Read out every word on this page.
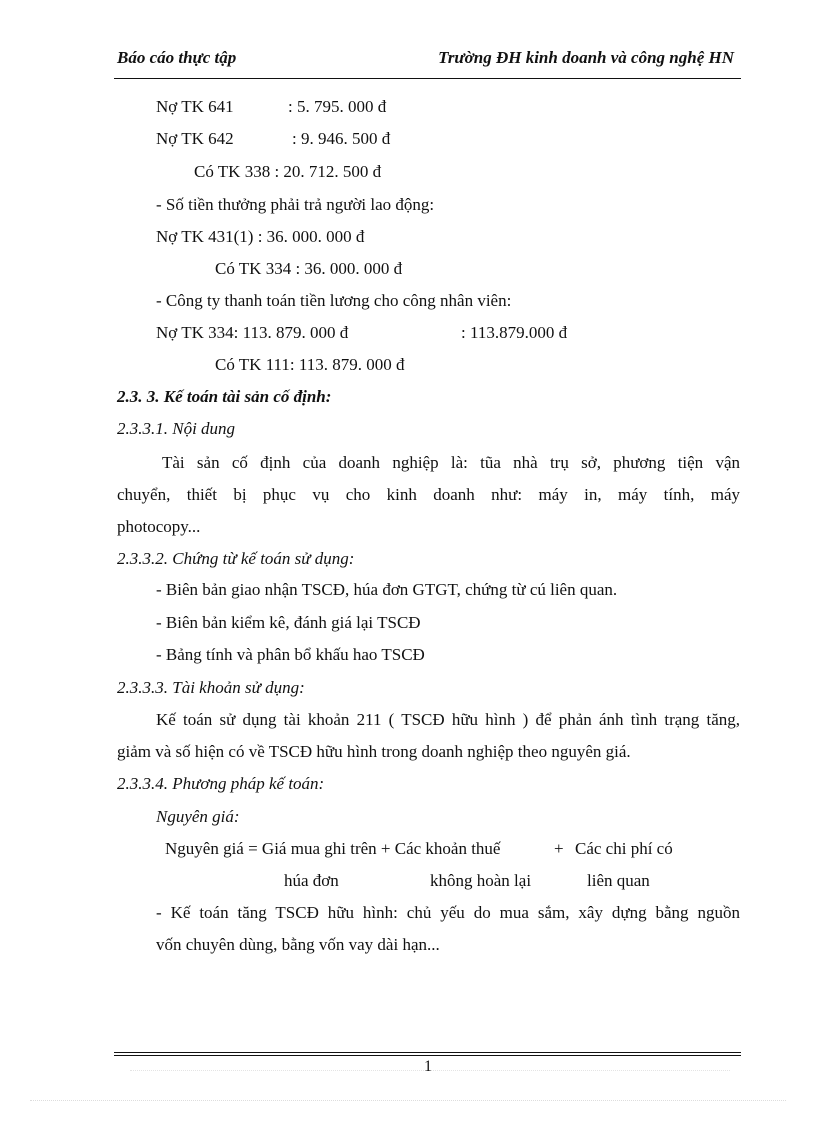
Báo cáo thực tập	Trường ĐH kinh doanh và công nghệ HN
Nợ TK 641	: 5. 795. 000 đ
Nợ TK 642	: 9. 946. 500 đ
Có TK 338 : 20. 712. 500 đ
- Số tiền thưởng phải trả người lao động:
Nợ TK 431(1) : 36. 000. 000 đ
Có TK 334 : 36. 000. 000 đ
- Công ty thanh toán tiền lương cho công nhân viên:
Nợ TK 334: 113. 879. 000 đ	: 113.879.000 đ
Có TK 111: 113. 879. 000 đ
2.3. 3. Kế toán tài sản cố định:
2.3.3.1. Nội dung
Tài sản cố định của doanh nghiệp là: tũa nhà trụ sở, phương tiện vận
chuyển, thiết bị phục vụ cho kinh doanh như: máy in, máy tính, máy
photocopy...
2.3.3.2. Chứng từ kế toán sử dụng:
- Biên bản giao nhận TSCĐ, húa đơn GTGT, chứng từ cú liên quan.
- Biên bản kiểm kê, đánh giá lại TSCĐ
- Bảng tính và phân bổ khấu hao TSCĐ
2.3.3.3. Tài khoản sử dụng:
Kế toán sử dụng tài khoản 211 ( TSCĐ hữu hình ) để phản ánh tình trạng tăng,
giảm và số hiện có về TSCĐ hữu hình trong doanh nghiệp theo nguyên giá.
2.3.3.4. Phương pháp kế toán:
Nguyên giá:
Nguyên giá = Giá mua ghi trên + Các khoản thuế	+ Các chi phí có
húa đơn	không hoàn lại	liên quan
- Kế toán tăng TSCĐ hữu hình: chủ yếu do mua sắm, xây dựng bằng nguồn
vốn chuyên dùng, bằng vốn vay dài hạn...
1
